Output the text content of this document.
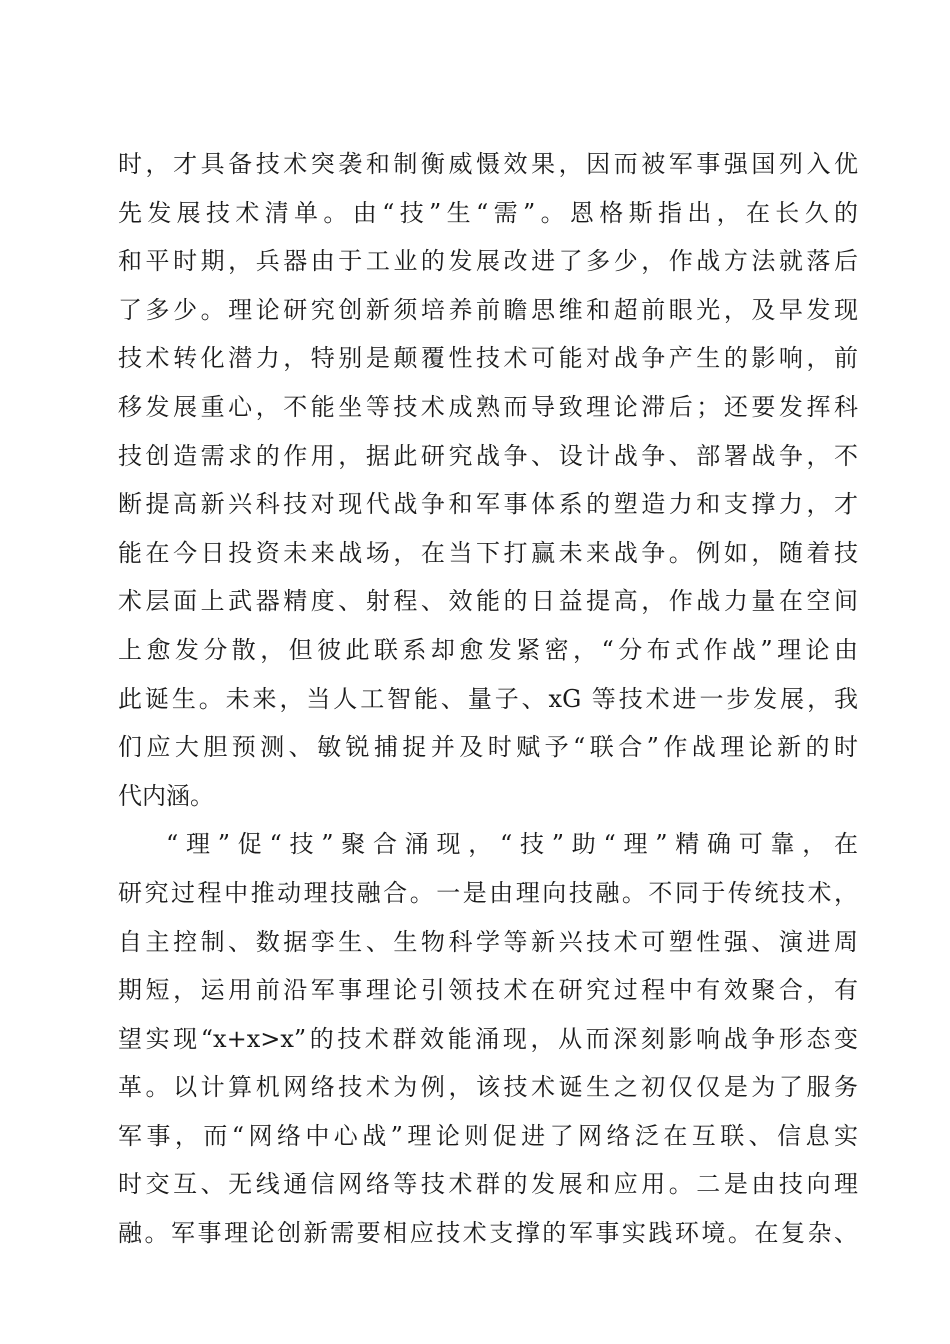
时，才具备技术突袭和制衡威慑效果，因而被军事强国列入优
先发展技术清单。由“技”生“需”。恩格斯指出，在长久的
和平时期，兵器由于工业的发展改进了多少，作战方法就落后
了多少。理论研究创新须培养前瞻思维和超前眼光，及早发现
技术转化潜力，特别是颠覆性技术可能对战争产生的影响，前
移发展重心，不能坐等技术成熟而导致理论滞后；还要发挥科
技创造需求的作用，据此研究战争、设计战争、部署战争，不
断提高新兴科技对现代战争和军事体系的塑造力和支撑力，才
能在今日投资未来战场，在当下打赢未来战争。例如，随着技
术层面上武器精度、射程、效能的日益提高，作战力量在空间
上愈发分散，但彼此联系却愈发紧密，“分布式作战”理论由
此诞生。未来，当人工智能、量子、xG 等技术进一步发展，我
们应大胆预测、敏锐捕捉并及时赋予“联合”作战理论新的时
代内涵。
“理”促“技”聚合涌现，“技”助“理”精确可靠，在
研究过程中推动理技融合。一是由理向技融。不同于传统技术，
自主控制、数据孪生、生物科学等新兴技术可塑性强、演进周
期短，运用前沿军事理论引领技术在研究过程中有效聚合，有
望实现“x+x>x”的技术群效能涌现，从而深刻影响战争形态变
革。以计算机网络技术为例，该技术诞生之初仅仅是为了服务
军事，而“网络中心战”理论则促进了网络泛在互联、信息实
时交互、无线通信网络等技术群的发展和应用。二是由技向理
融。军事理论创新需要相应技术支撑的军事实践环境。在复杂、
